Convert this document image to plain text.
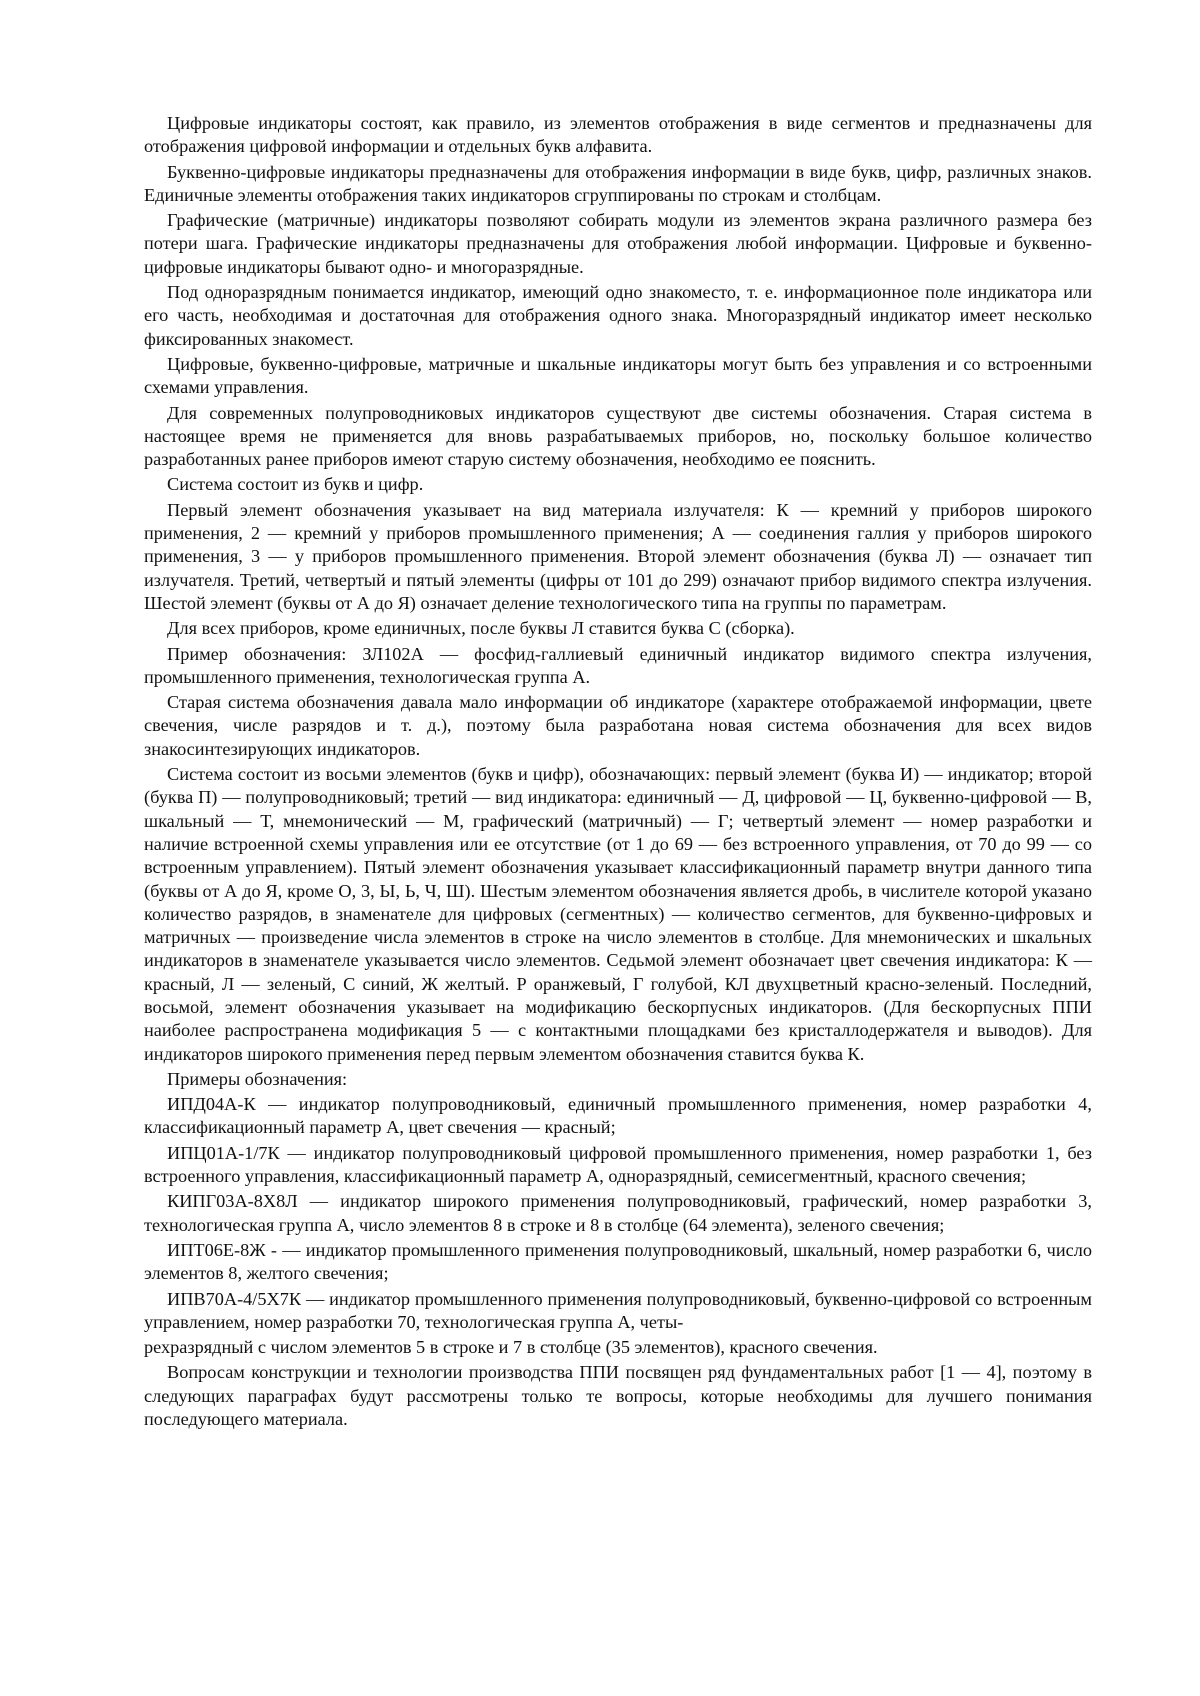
Цифровые индикаторы состоят, как правило, из элементов отображения в виде сегментов и предназначены для отображения цифровой информации и отдельных букв алфавита.

Буквенно-цифровые индикаторы предназначены для отображения информации в виде букв, цифр, различных знаков. Единичные элементы отображения таких индикаторов сгруппированы по строкам и столбцам.

Графические (матричные) индикаторы позволяют собирать модули из элементов экрана различного размера без потери шага. Графические индикаторы предназначены для отображения любой информации. Цифровые и буквенно-цифровые индикаторы бывают одно- и многоразрядные.

Под одноразрядным понимается индикатор, имеющий одно знакоместо, т. е. информационное поле индикатора или его часть, необходимая и достаточная для отображения одного знака. Многоразрядный индикатор имеет несколько фиксированных знакомест.

Цифровые, буквенно-цифровые, матричные и шкальные индикаторы могут быть без управления и со встроенными схемами управления.

Для современных полупроводниковых индикаторов существуют две системы обозначения. Старая система в настоящее время не применяется для вновь разрабатываемых приборов, но, поскольку большое количество разработанных ранее приборов имеют старую систему обозначения, необходимо ее пояснить.

Система состоит из букв и цифр.

Первый элемент обозначения указывает на вид материала излучателя: К — кремний у приборов широкого применения, 2 — кремний у приборов промышленного применения; А — соединения галлия у приборов широкого применения, 3 — у приборов промышленного применения. Второй элемент обозначения (буква Л) — означает тип излучателя. Третий, четвертый и пятый элементы (цифры от 101 до 299) означают прибор видимого спектра излучения. Шестой элемент (буквы от А до Я) означает деление технологического типа на группы по параметрам.

Для всех приборов, кроме единичных, после буквы Л ставится буква С (сборка).

Пример обозначения: ЗЛ102А — фосфид-галлиевый единичный индикатор видимого спектра излучения, промышленного применения, технологическая группа А.

Старая система обозначения давала мало информации об индикаторе (характере отображаемой информации, цвете свечения, числе разрядов и т. д.), поэтому была разработана новая система обозначения для всех видов знакосинтезирующих индикаторов.

Система состоит из восьми элементов (букв и цифр), обозначающих: первый элемент (буква И) — индикатор; второй (буква П) — полупроводниковый; третий — вид индикатора: единичный — Д, цифровой — Ц, буквенно-цифровой — В, шкальный — Т, мнемонический — М, графический (матричный) — Г; четвертый элемент — номер разработки и наличие встроенной схемы управления или ее отсутствие (от 1 до 69 — без встроенного управления, от 70 до 99 — со встроенным управлением). Пятый элемент обозначения указывает классификационный параметр внутри данного типа (буквы от А до Я, кроме О, 3, Ы, Ь, Ч, Ш). Шестым элементом обозначения является дробь, в числителе которой указано количество разрядов, в знаменателе для цифровых (сегментных) — количество сегментов, для буквенно-цифровых и матричных — произведение числа элементов в строке на число элементов в столбце. Для мнемонических и шкальных индикаторов в знаменателе указывается число элементов. Седьмой элемент обозначает цвет свечения индикатора: К — красный, Л — зеленый, С синий, Ж желтый. Р оранжевый, Г голубой, КЛ двухцветный красно-зеленый. Последний, восьмой, элемент обозначения указывает на модификацию бескорпусных индикаторов. (Для бескорпусных ППИ наиболее распространена модификация 5 — с контактными площадками без кристаллодержателя и выводов). Для индикаторов широкого применения перед первым элементом обозначения ставится буква К.

Примеры обозначения:

ИПД04А-К — индикатор полупроводниковый, единичный промышленного применения, номер разработки 4, классификационный параметр А, цвет свечения — красный;

ИПЦ01А-1/7К — индикатор полупроводниковый цифровой промышленного применения, номер разработки 1, без встроенного управления, классификационный параметр А, одноразрядный, семисегментный, красного свечения;

КИПГ03А-8Х8Л — индикатор широкого применения полупроводниковый, графический, номер разработки 3, технологическая группа А, число элементов 8 в строке и 8 в столбце (64 элемента), зеленого свечения;

ИПТ06Е-8Ж - — индикатор промышленного применения полупроводниковый, шкальный, номер разработки 6, число элементов 8, желтого свечения;

ИПВ70А-4/5Х7К — индикатор промышленного применения полупроводниковый, буквенно-цифровой со встроенным управлением, номер разработки 70, технологическая группа А, четы-

рехразрядный с числом элементов 5 в строке и 7 в столбце (35 элементов), красного свечения.

Вопросам конструкции и технологии производства ППИ посвящен ряд фундаментальных работ [1 — 4], поэтому в следующих параграфах будут рассмотрены только те вопросы, которые необходимы для лучшего понимания последующего материала.
